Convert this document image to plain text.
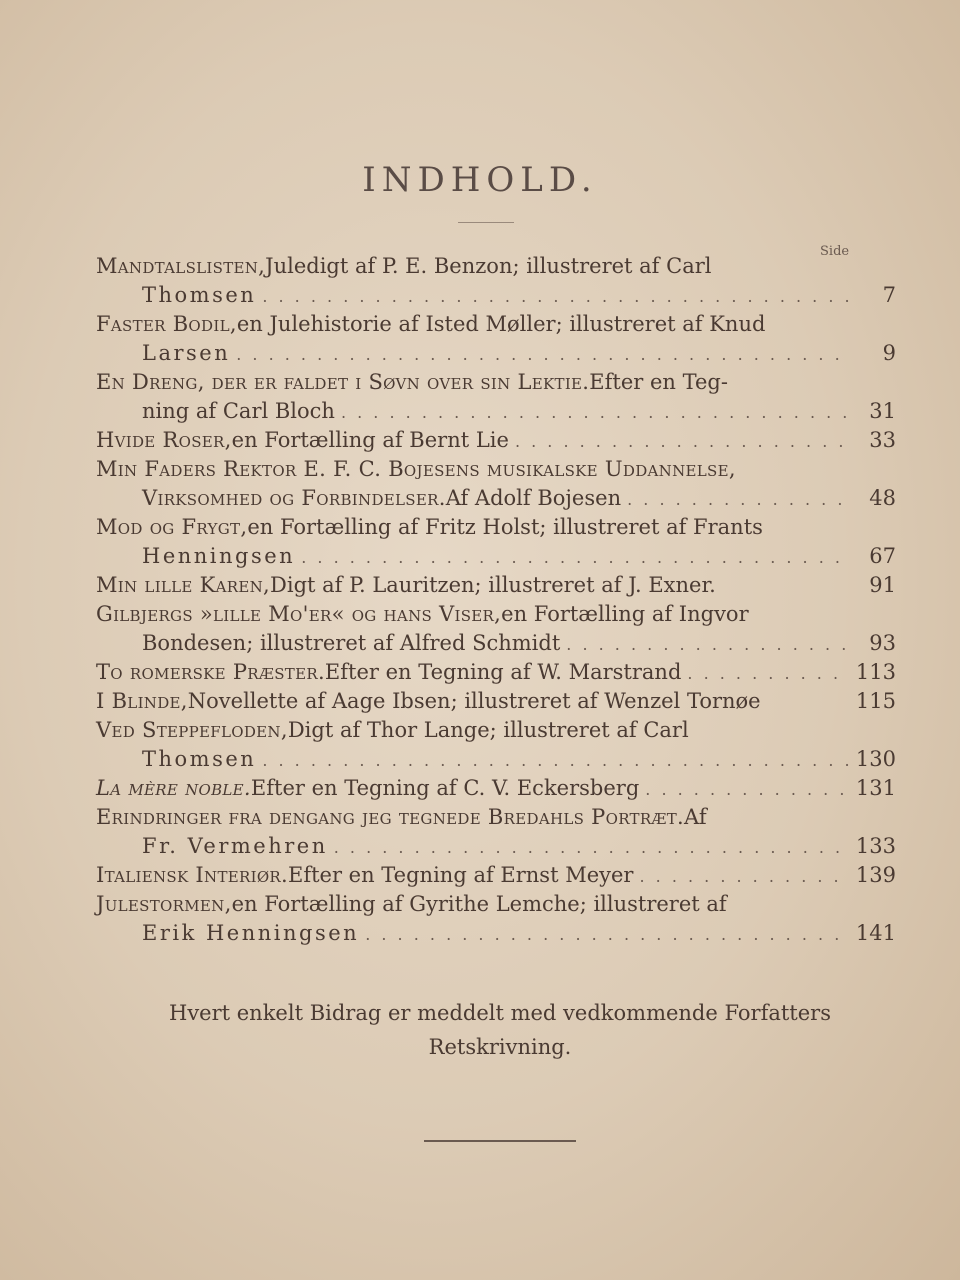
INDHOLD.
Side
Mandtalslisten, Juledigt af P. E. Benzon; illustreret af Carl
Thomsen . . .	7
Faster Bodil, en Julehistorie af Isted Møller; illustreret af Knud
Larsen . . .	9
En Dreng, der er faldet i Søvn over sin Lektie. Efter en Teg-
ning af Carl Bloch . . .	31
Hvide Roser, en Fortælling af Bernt Lie . . .	33
Min Faders Rektor E. F. C. Bojesens musikalske Uddannelse,
Virksomhed og Forbindelser. Af Adolf Bojesen . . .	48
Mod og Frygt, en Fortælling af Fritz Holst; illustreret af Frants
Henningsen . . .	67
Min lille Karen, Digt af P. Lauritzen; illustreret af J. Exner.	91
Gilbjergs »lille Mo'er« og hans Viser, en Fortælling af Ingvor
Bondesen; illustreret af Alfred Schmidt . . .	93
To romerske Præster. Efter en Tegning af W. Marstrand . . .	113
I Blinde, Novellette af Aage Ibsen; illustreret af Wenzel Tornøe	115
Ved Steppefloden, Digt af Thor Lange; illustreret af Carl
Thomsen . . .	130
La mère noble. Efter en Tegning af C. V. Eckersberg . . .	131
Erindringer fra dengang jeg tegnede Bredahls Portræt. Af
Fr. Vermehren . . .	133
Italiensk Interiør. Efter en Tegning af Ernst Meyer . . .	139
Julestormen, en Fortælling af Gyrithe Lemche; illustreret af
Erik Henningsen . . .	141
Hvert enkelt Bidrag er meddelt med vedkommende Forfatters Retskrivning.
